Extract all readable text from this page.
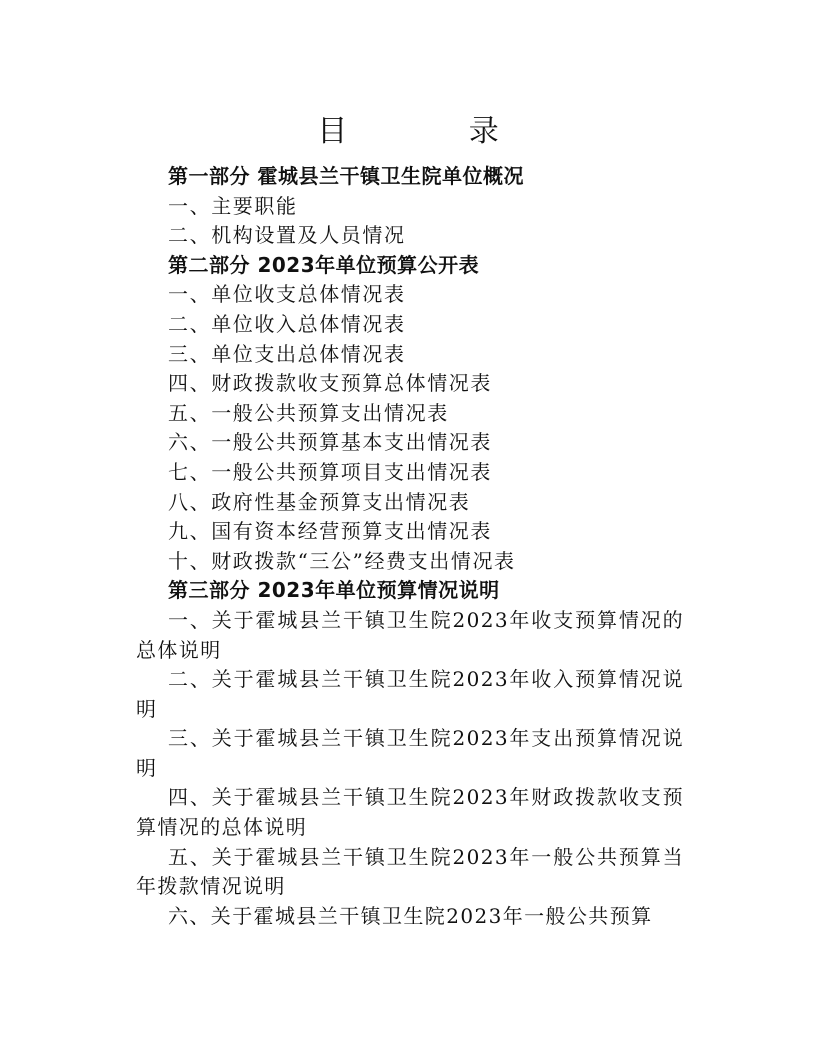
目 录
第一部分 霍城县兰干镇卫生院单位概况
一、主要职能
二、机构设置及人员情况
第二部分 2023年单位预算公开表
一、单位收支总体情况表
二、单位收入总体情况表
三、单位支出总体情况表
四、财政拨款收支预算总体情况表
五、一般公共预算支出情况表
六、一般公共预算基本支出情况表
七、一般公共预算项目支出情况表
八、政府性基金预算支出情况表
九、国有资本经营预算支出情况表
十、财政拨款“三公”经费支出情况表
第三部分 2023年单位预算情况说明
一、关于霍城县兰干镇卫生院2023年收支预算情况的总体说明
二、关于霍城县兰干镇卫生院2023年收入预算情况说明
三、关于霍城县兰干镇卫生院2023年支出预算情况说明
四、关于霍城县兰干镇卫生院2023年财政拨款收支预算情况的总体说明
五、关于霍城县兰干镇卫生院2023年一般公共预算当年拨款情况说明
六、关于霍城县兰干镇卫生院2023年一般公共预算
